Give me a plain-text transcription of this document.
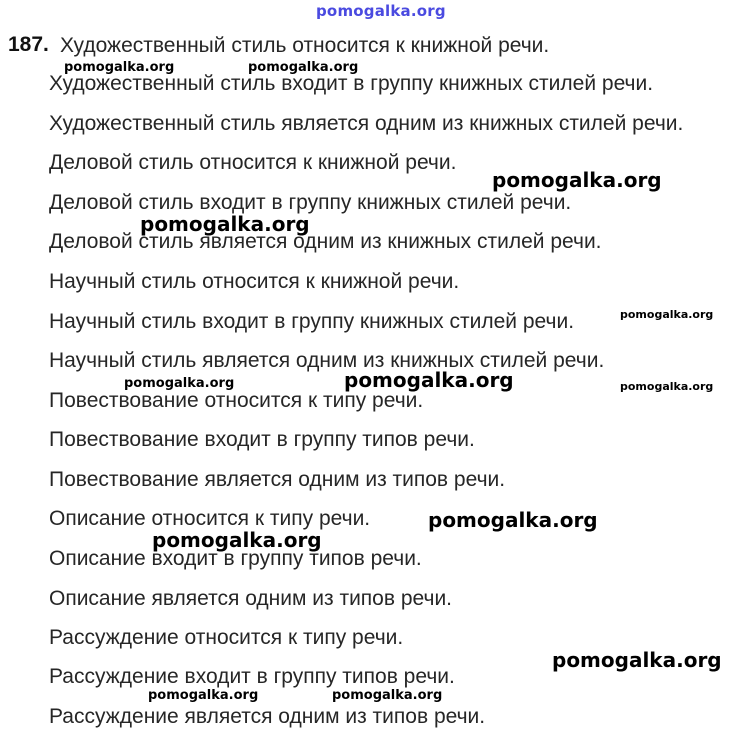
pomogalka.org
187. Художественный стиль относится к книжной речи.
Художественный стиль входит в группу книжных стилей речи.
Художественный стиль является одним из книжных стилей речи.
Деловой стиль относится к книжной речи.
Деловой стиль входит в группу книжных стилей речи.
Деловой стиль является одним из книжных стилей речи.
Научный стиль относится к книжной речи.
Научный стиль входит в группу книжных стилей речи.
Научный стиль является одним из книжных стилей речи.
Повествование относится к типу речи.
Повествование входит в группу типов речи.
Повествование является одним из типов речи.
Описание относится к типу речи.
Описание входит в группу типов речи.
Описание является одним из типов речи.
Рассуждение относится к типу речи.
Рассуждение входит в группу типов речи.
Рассуждение является одним из типов речи.
pomogalka.org	pomogalka.org
pomogalka.org
pomogalka.org
pomogalka.org
pomogalka.org	pomogalka.org	pomogalka.org
pomogalka.org
pomogalka.org
pomogalka.org
pomogalka.org	pomogalka.org
